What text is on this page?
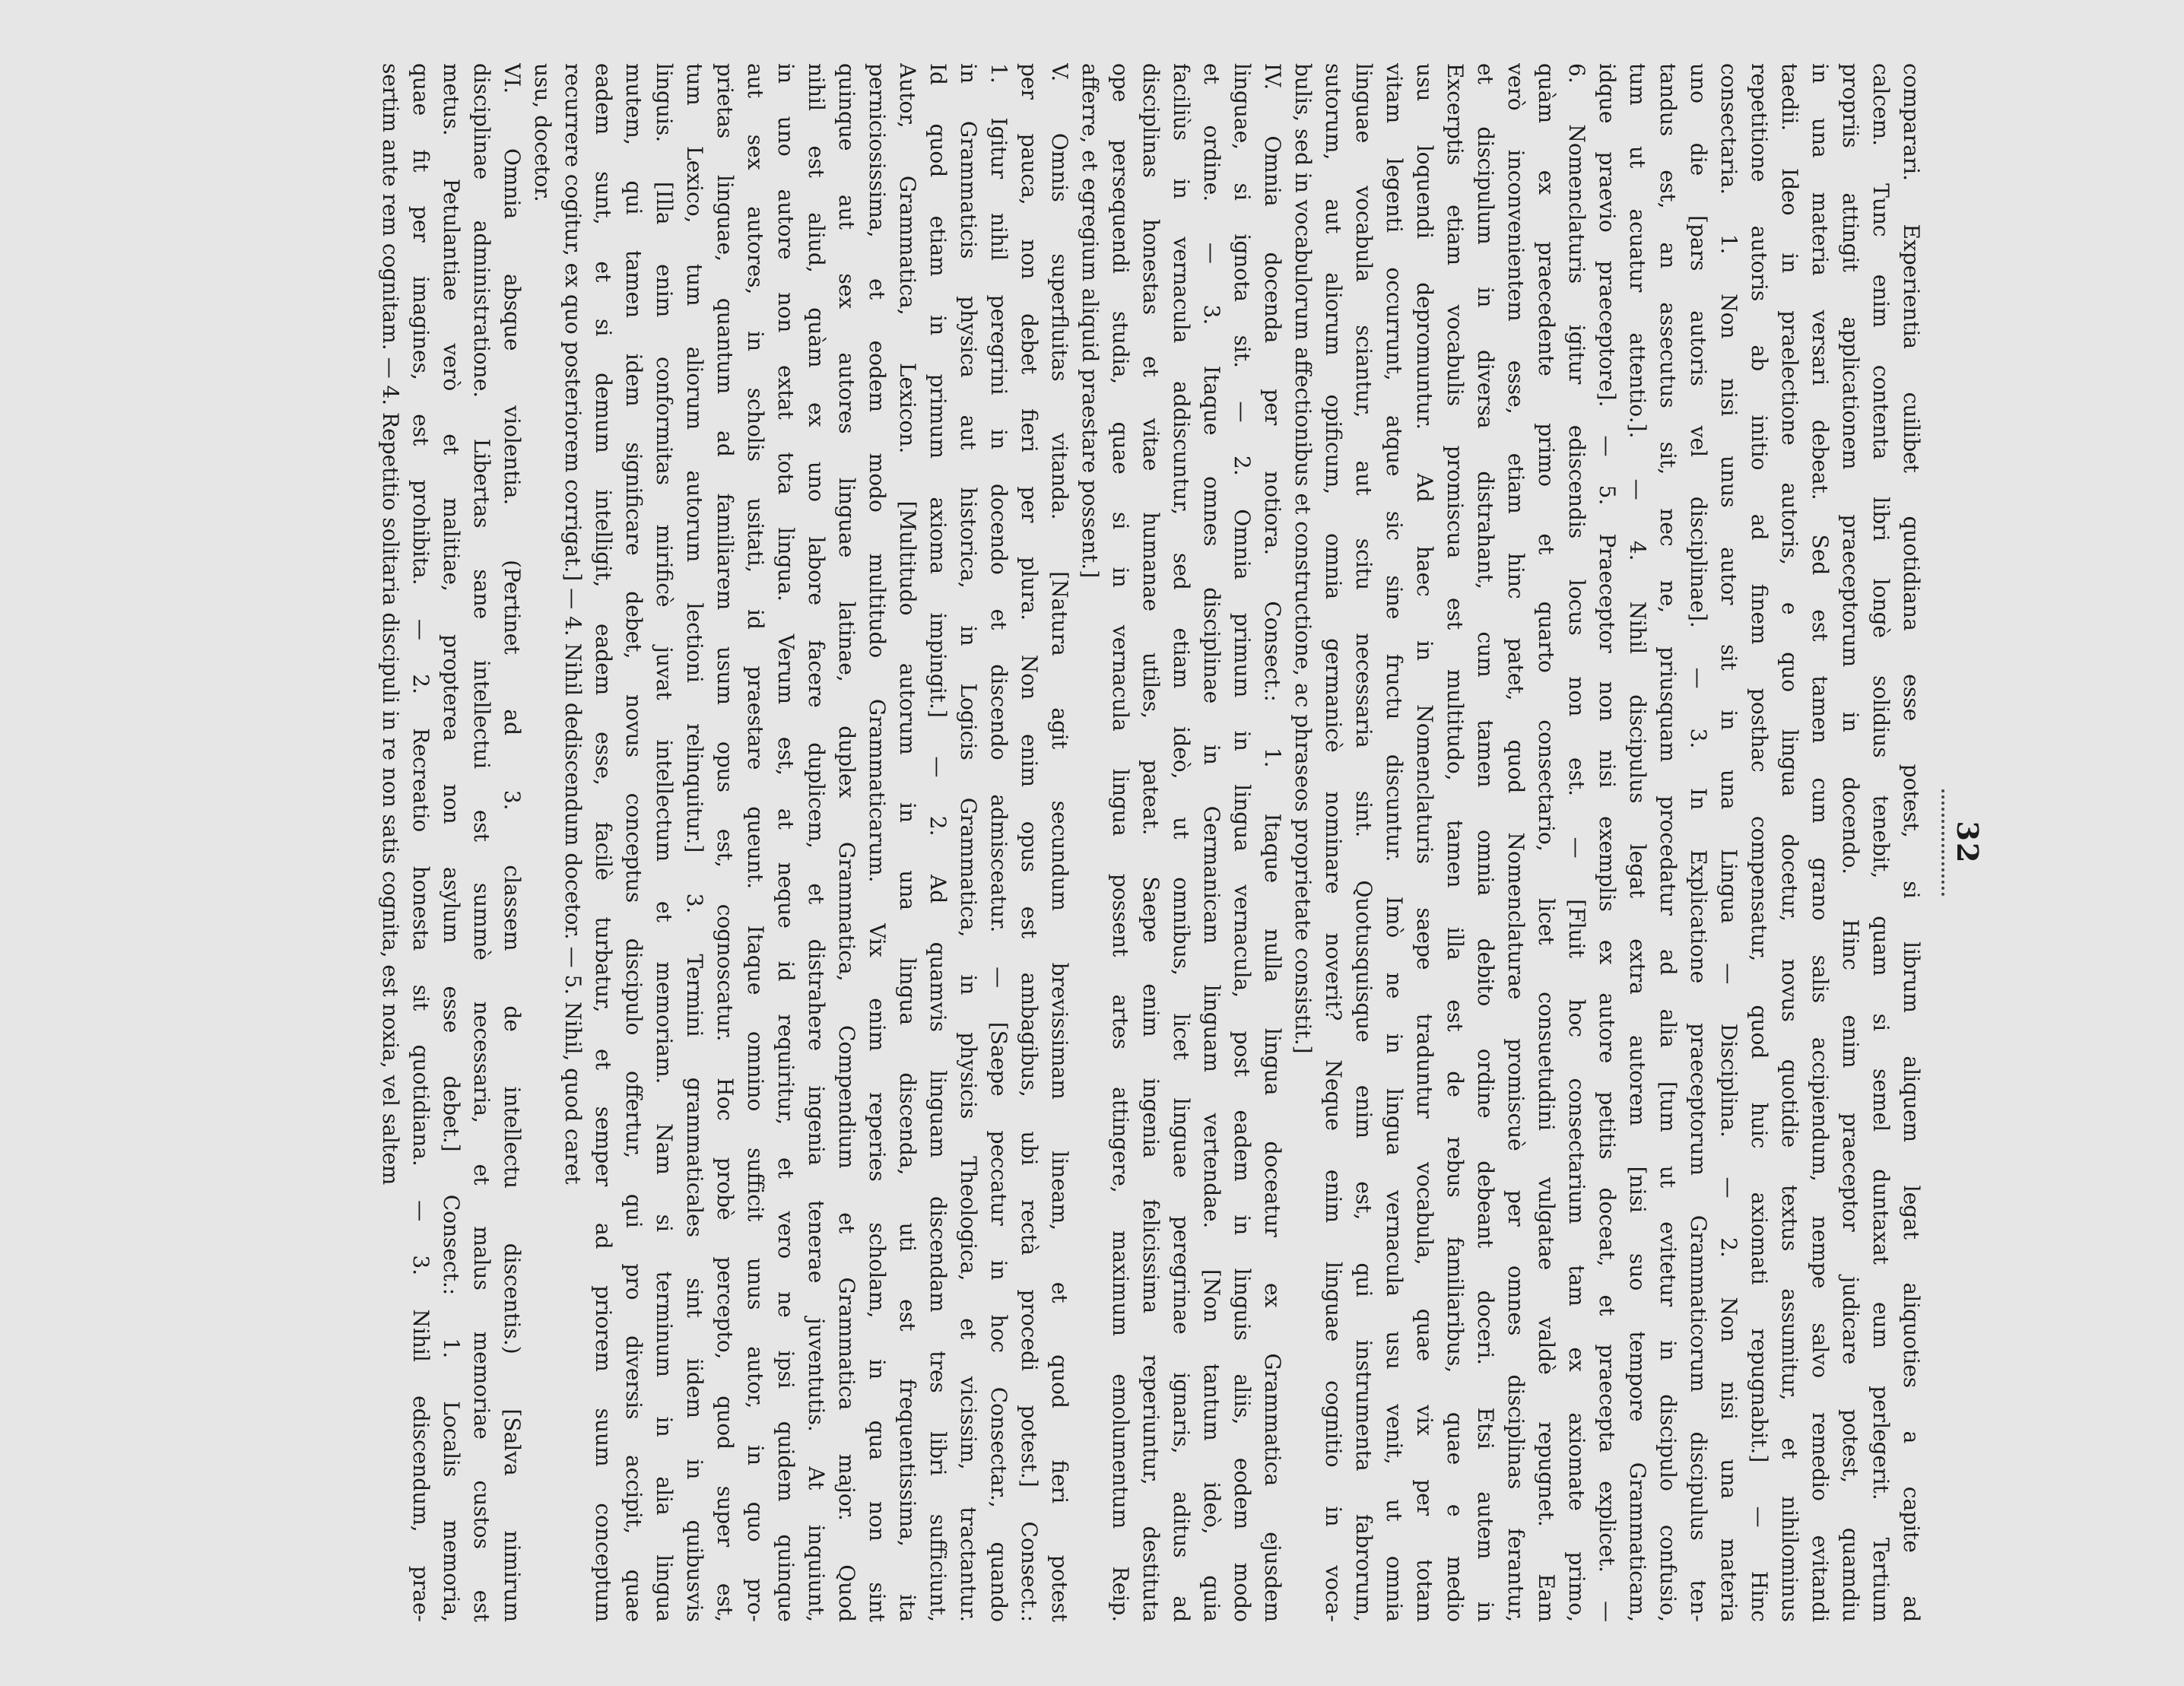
32
comparari. Experientia cuilibet quotidiana esse potest, si librum aliquem legat aliquoties a capite ad
calcem. Tunc enim contenta libri longè solidius tenebit, quam si semel duntaxat eum perlegerit. Tertium
propriis attingit applicationem praeceptorum in docendo. Hinc enim praeceptor judicare potest, quamdiu
in una materia versari debeat. Sed est tamen cum grano salis accipiendum, nempe salvo remedio evitandi
taedii. Ideo in praelectione autoris, e quo lingua docetur, novus quotidie textus assumitur, et nihilominus
repetitione autoris ab initio ad finem posthac compensatur, quod huic axiomati repugnabit.] — Hinc
consectaria. 1. Non nisi unus autor sit in una Lingua — Disciplina. — 2. Non nisi una materia
uno die [pars autoris vel disciplinae]. — 3. In Explicatione praeceptorum Grammaticorum discipulus ten-
tandus est, an assecutus sit, nec ne, priusquam procedatur ad alia [tum ut evitetur in discipulo confusio,
tum ut acuatur attentio.]. — 4. Nihil discipulus legat extra autorem [nisi suo tempore Grammaticam,
idque praevio praeceptore]. — 5. Praeceptor non nisi exemplis ex autore petitis doceat, et praecepta explicet. —
6. Nomenclaturis igitur ediscendis locus non est. — [Fluit hoc consectarium tam ex axiomate primo,
quàm ex praecedente primo et quarto consectario, licet consuetudini vulgatae valdè repugnet. Eam
verò inconvenientem esse, etiam hinc patet, quod Nomenclaturae promiscuè per omnes disciplinas ferantur,
et discipulum in diversa distrahant, cum tamen omnia debito ordine debeant doceri. Etsi autem in
Excerptis etiam vocabulis promiscua est multitudo, tamen illa est de rebus familiaribus, quae e medio
usu loquendi depromuntur. Ad haec in Nomenclaturis saepe traduntur vocabula, quae vix per totam
vitam legenti occurrunt, atque sic sine fructu discuntur. Imò ne in lingua vernacula usu venit, ut omnia
linguae vocabula sciantur, aut scitu necessaria sint. Quotusquisque enim est, qui instrumenta fabrorum,
sutorum, aut aliorum opificum, omnia germanicè nominare noverit? Neque enim linguae cognitio in voca-
bulis, sed in vocabulorum affectionibus et constructione, ac phraseos proprietate consistit.]
IV. Omnia docenda per notiora. Consect.: 1. Itaque nulla lingua doceatur ex Grammatica ejusdem
linguae, si ignota sit. — 2. Omnia primum in lingua vernacula, post eadem in linguis aliis, eodem modo
et ordine. — 3. Itaque omnes disciplinae in Germanicam linguam vertendae. [Non tantum ideò, quia
faciliùs in vernacula addiscuntur, sed etiam ideò, ut omnibus, licet linguae peregrinae ignaris, aditus ad
disciplinas honestas et vitae humanae utiles, pateat. Saepe enim ingenia felicissima reperiuntur, destituta
ope persequendi studia, quae si in vernacula lingua possent artes attingere, maximum emolumentum Reip.
afferre, et egregium aliquid praestare possent.]
V. Omnis superfluitas vitanda. [Natura agit secundum brevissimam lineam, et quod fieri potest
per pauca, non debet fieri per plura. Non enim opus est ambagibus, ubi rectà procedi potest.] Consect.:
1. Igitur nihil peregrini in docendo et discendo admisceatur. — [Saepe peccatur in hoc Consectar., quando
in Grammaticis physica aut historica, in Logicis Grammatica, in physicis Theologica, et vicissim, tractantur.
Id quod etiam in primum axioma impingit.] — 2. Ad quamvis linguam discendam tres libri sufficiunt,
Autor, Grammatica, Lexicon. [Multitudo autorum in una lingua discenda, uti est frequentissima, ita
perniciosissima, et eodem modo multitudo Grammaticarum. Vix enim reperies scholam, in qua non sint
quinque aut sex autores linguae latinae, duplex Grammatica, Compendium et Grammatica major. Quod
nihil est aliud, quàm ex uno labore facere duplicem, et distrahere ingenia tenerae juventutis. At inquiunt,
in uno autore non extat tota lingua. Verum est, at neque id requiritur, et vero ne ipsi quidem quinque
aut sex autores, in scholis usitati, id praestare queunt. Itaque omnino sufficit unus autor, in quo pro-
prietas linguae, quantum ad familiarem usum opus est, cognoscatur. Hoc probè percepto, quod super est,
tum Lexico, tum aliorum autorum lectioni relinquitur.] 3. Termini grammaticales sint iidem in quibusvis
linguis. [Illa enim conformitas mirificè juvat intellectum et memoriam. Nam si terminum in alia lingua
mutem, qui tamen idem significare debet, novus conceptus discipulo offertur, qui pro diversis accipit, quae
eadem sunt, et si demum intelligit, eadem esse, facilè turbatur, et semper ad priorem suum conceptum
recurrere cogitur, ex quo posteriorem corrigat.] — 4. Nihil dediscendum docetor. — 5. Nihil, quod caret
usu, docetor.
VI. Omnia absque violentia. (Pertinet ad 3. classem de intellectu discentis.) [Salva nimirum
disciplinae administratione. Libertas sane intellectui est summè necessaria, et malus memoriae custos est
metus. Petulantiae verò et malitiae, propterea non asylum esse debet.] Consect.: 1. Localis memoria,
quae fit per imagines, est prohibita. — 2. Recreatio honesta sit quotidiana. — 3. Nihil ediscendum, prae-
sertim ante rem cognitam. — 4. Repetitio solitaria discipuli in re non satis cognita, est noxia, vel saltem
